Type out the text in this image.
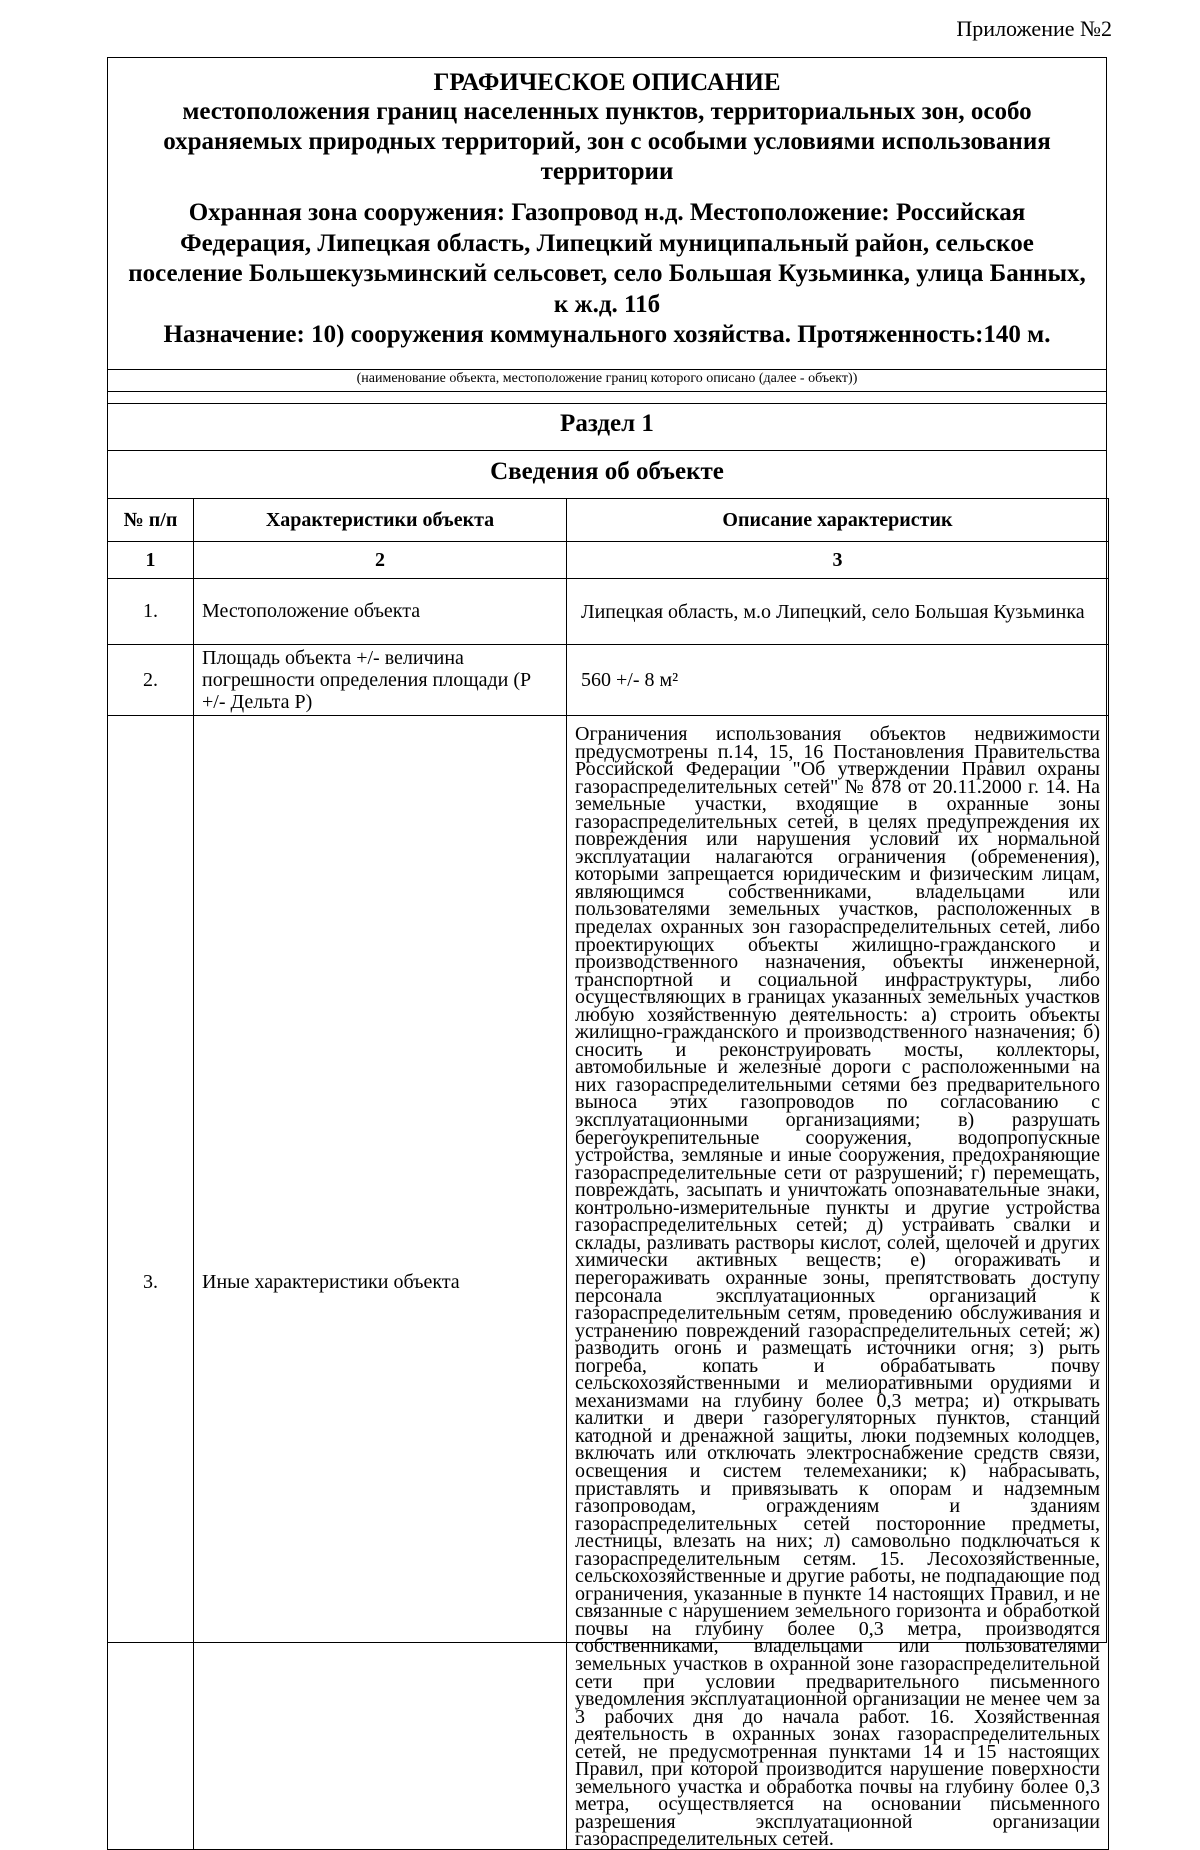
Приложение №2
ГРАФИЧЕСКОЕ ОПИСАНИЕ
местоположения границ населенных пунктов, территориальных зон, особо охраняемых природных территорий, зон с особыми условиями использования территории
Охранная зона сооружения: Газопровод н.д. Местоположение: Российская Федерация, Липецкая область, Липецкий муниципальный район, сельское поселение Большекузьминский сельсовет, село Большая Кузьминка, улица Банных, к ж.д. 11б
Назначение: 10) сооружения коммунального хозяйства. Протяженность:140 м.
(наименование объекта, местоположение границ которого описано (далее - объект))
Раздел 1
Сведения об объекте
№ п/п	Характеристики объекта	Описание характеристик
1	2	3
1.	Местоположение объекта	Липецкая область, м.о Липецкий, село Большая Кузьминка
2.	Площадь объекта +/- величина погрешности определения площади (P +/- Дельта P)	560 +/- 8 м²
3.	Иные характеристики объекта	Ограничения использования объектов недвижимости предусмотрены п.14, 15, 16 Постановления Правительства Российской Федерации "Об утверждении Правил охраны газораспределительных сетей" № 878 от 20.11.2000 г. 14. На земельные участки, входящие в охранные зоны газораспределительных сетей, в целях предупреждения их повреждения или нарушения условий их нормальной эксплуатации налагаются ограничения (обременения), которыми запрещается юридическим и физическим лицам, являющимся собственниками, владельцами или пользователями земельных участков, расположенных в пределах охранных зон газораспределительных сетей, либо проектирующих объекты жилищно-гражданского и производственного назначения, объекты инженерной, транспортной и социальной инфраструктуры, либо осуществляющих в границах указанных земельных участков любую хозяйственную деятельность: а) строить объекты жилищно-гражданского и производственного назначения; б) сносить и реконструировать мосты, коллекторы, автомобильные и железные дороги с расположенными на них газораспределительными сетями без предварительного выноса этих газопроводов по согласованию с эксплуатационными организациями; в) разрушать берегоукрепительные сооружения, водопропускные устройства, земляные и иные сооружения, предохраняющие газораспределительные сети от разрушений; г) перемещать, повреждать, засыпать и уничтожать опознавательные знаки, контрольно-измерительные пункты и другие устройства газораспределительных сетей; д) устраивать свалки и склады, разливать растворы кислот, солей, щелочей и других химически активных веществ; е) огораживать и перегораживать охранные зоны, препятствовать доступу персонала эксплуатационных организаций к газораспределительным сетям, проведению обслуживания и устранению повреждений газораспределительных сетей; ж) разводить огонь и размещать источники огня; з) рыть погреба, копать и обрабатывать почву сельскохозяйственными и мелиоративными орудиями и механизмами на глубину более 0,3 метра; и) открывать калитки и двери газорегуляторных пунктов, станций катодной и дренажной защиты, люки подземных колодцев, включать или отключать электроснабжение средств связи, освещения и систем телемеханики; к) набрасывать, приставлять и привязывать к опорам и надземным газопроводам, ограждениям и зданиям газораспределительных сетей посторонние предметы, лестницы, влезать на них; л) самовольно подключаться к газораспределительным сетям. 15. Лесохозяйственные, сельскохозяйственные и другие работы, не подпадающие под ограничения, указанные в пункте 14 настоящих Правил, и не связанные с нарушением земельного горизонта и обработкой почвы на глубину более 0,3 метра, производятся собственниками, владельцами или пользователями земельных участков в охранной зоне газораспределительной сети при условии предварительного письменного уведомления эксплуатационной организации не менее чем за 3 рабочих дня до начала работ. 16. Хозяйственная деятельность в охранных зонах газораспределительных сетей, не предусмотренная пунктами 14 и 15 настоящих Правил, при которой производится нарушение поверхности земельного участка и обработка почвы на глубину более 0,3 метра, осуществляется на основании письменного разрешения эксплуатационной организации газораспределительных сетей.
